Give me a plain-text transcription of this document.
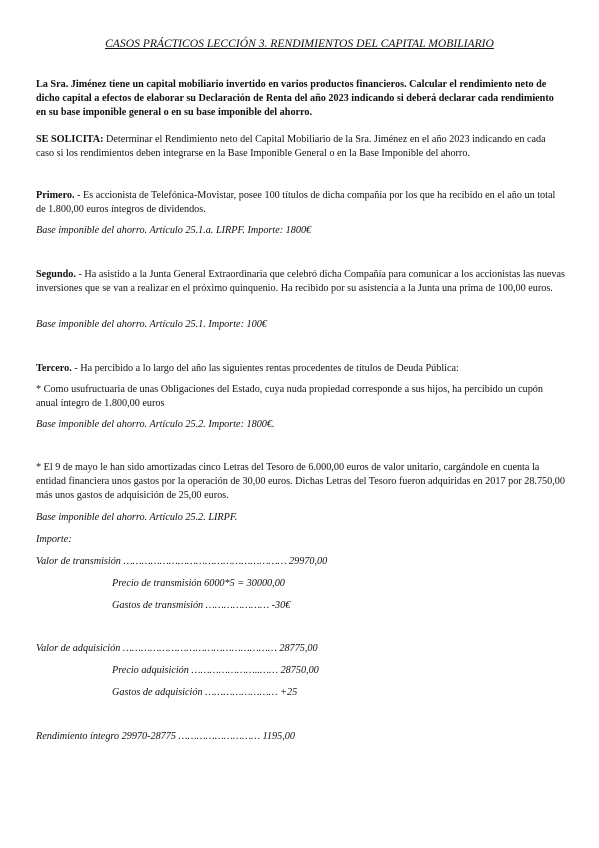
CASOS PRÁCTICOS LECCIÓN 3. RENDIMIENTOS DEL CAPITAL MOBILIARIO

La Sra. Jiménez tiene un capital mobiliario invertido en varios productos financieros. Calcular el rendimiento neto de dicho capital a efectos de elaborar su Declaración de Renta del año 2023 indicando si deberá declarar cada rendimiento en su base imponible general o en su base imponible del ahorro.

SE SOLICITA: Determinar el Rendimiento neto del Capital Mobiliario de la Sra. Jiménez en el año 2023 indicando en cada caso si los rendimientos deben integrarse en la Base Imponible General o en la Base Imponible del ahorro.

Primero. - Es accionista de Telefónica-Movistar, posee 100 títulos de dicha compañía por los que ha recibido en el año un total de 1.800,00 euros íntegros de dividendos.

Base imponible del ahorro. Artículo 25.1.a. LIRPF. Importe: 1800€

Segundo. - Ha asistido a la Junta General Extraordinaria que celebró dicha Compañía para comunicar a los accionistas las nuevas inversiones que se van a realizar en el próximo quinquenio. Ha recibido por su asistencia a la Junta una prima de 100,00 euros.

Base imponible del ahorro. Artículo 25.1. Importe: 100€

Tercero. - Ha percibido a lo largo del año las siguientes rentas procedentes de títulos de Deuda Pública:

* Como usufructuaria de unas Obligaciones del Estado, cuya nuda propiedad corresponde a sus hijos, ha percibido un cupón anual íntegro de 1.800,00 euros

Base imponible del ahorro. Artículo 25.2. Importe: 1800€.

* El 9 de mayo le han sido amortizadas cinco Letras del Tesoro de 6.000,00 euros de valor unitario, cargándole en cuenta la entidad financiera unos gastos por la operación de 30,00 euros. Dichas Letras del Tesoro fueron adquiridas en 2017 por 28.750,00 más unos gastos de adquisición de 25,00 euros.

Base imponible del ahorro. Artículo 25.2. LIRPF.

Importe:

Valor de transmisión ……………………………………………… 29970,00

Precio de transmisión 6000*5 = 30000,00

Gastos de transmisión ………………… -30€

Valor de adquisición …………………………………………… 28775,00

Precio adquisición …………………..…… 28750,00

Gastos de adquisición …………………… +25

Rendimiento íntegro 29970-28775 ……………………… 1195,00
